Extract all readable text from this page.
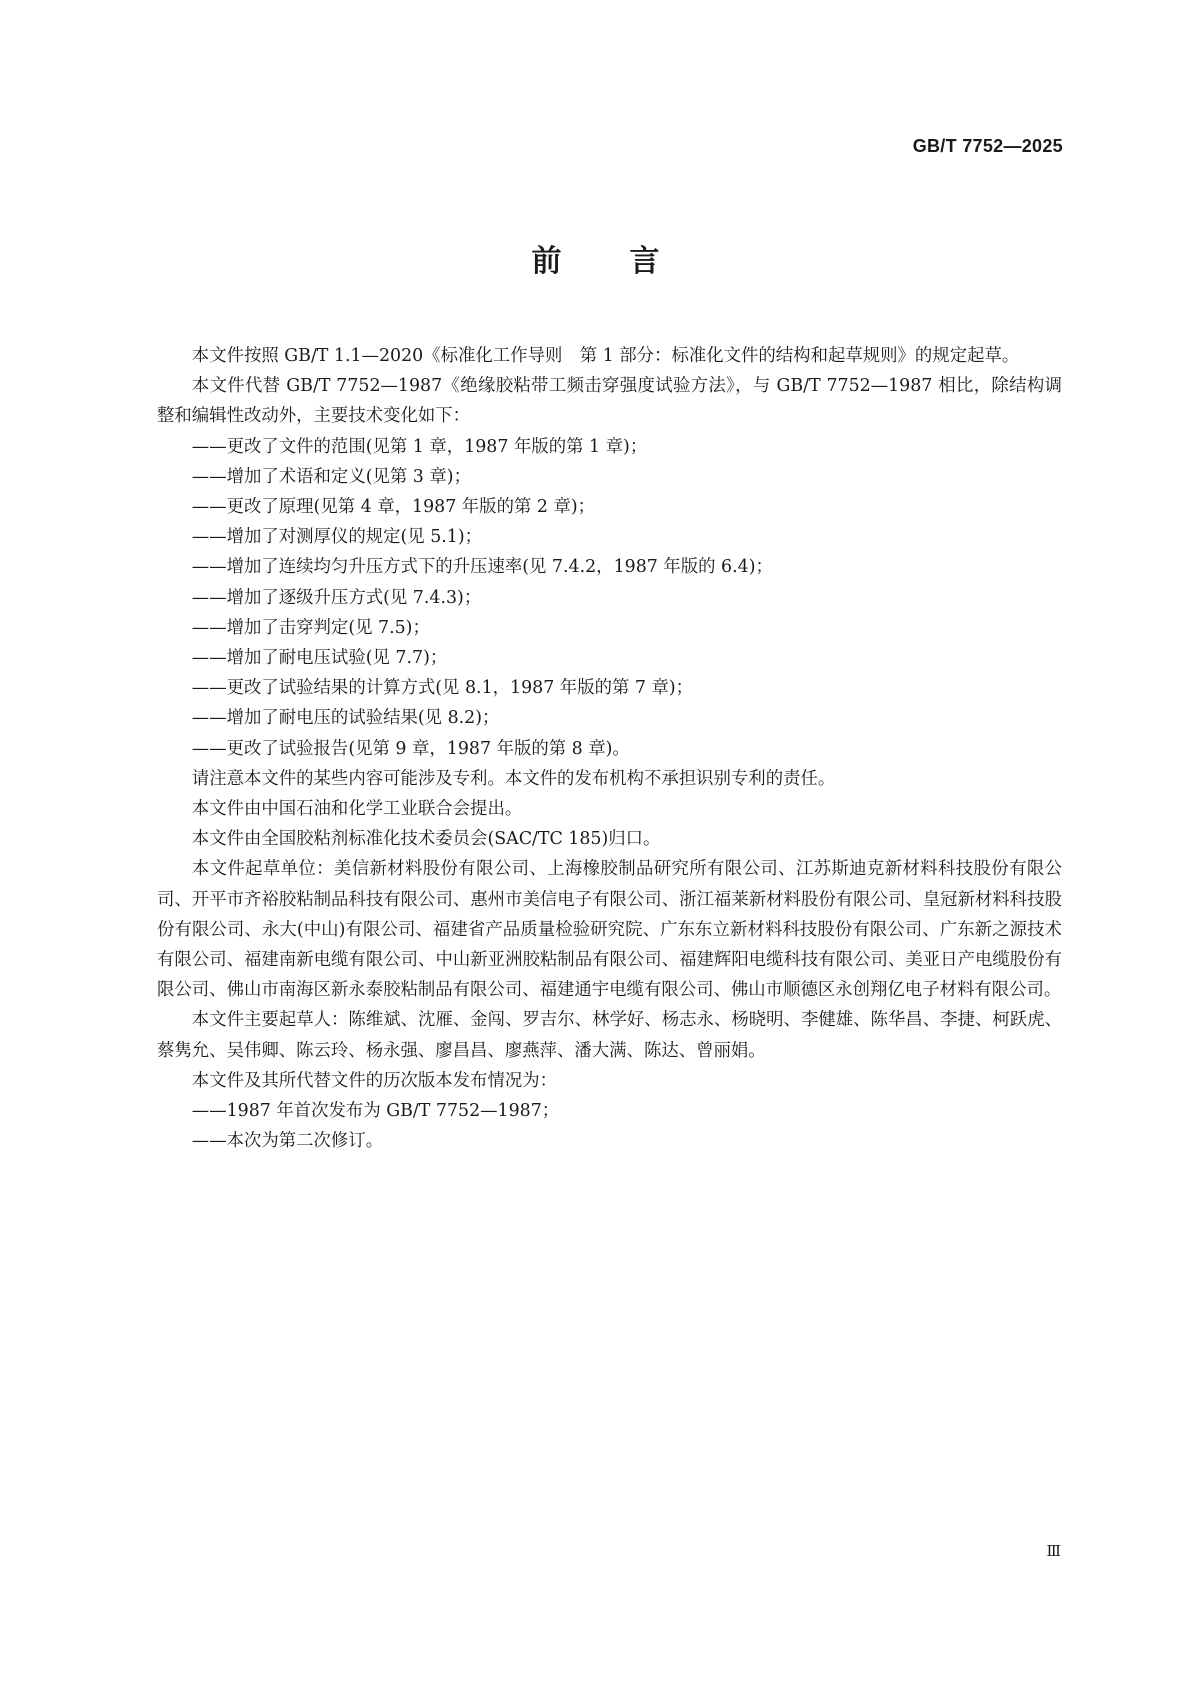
GB/T 7752—2025
前 言

本文件按照 GB/T 1.1—2020《标准化工作导则　第 1 部分：标准化文件的结构和起草规则》的规定起草。

本文件代替 GB/T 7752—1987《绝缘胶粘带工频击穿强度试验方法》，与 GB/T 7752—1987 相比，除结构调整和编辑性改动外，主要技术变化如下：

——更改了文件的范围(见第 1 章，1987 年版的第 1 章)；

——增加了术语和定义(见第 3 章)；

——更改了原理(见第 4 章，1987 年版的第 2 章)；

——增加了对测厚仪的规定(见 5.1)；

——增加了连续均匀升压方式下的升压速率(见 7.4.2，1987 年版的 6.4)；

——增加了逐级升压方式(见 7.4.3)；

——增加了击穿判定(见 7.5)；

——增加了耐电压试验(见 7.7)；

——更改了试验结果的计算方式(见 8.1，1987 年版的第 7 章)；

——增加了耐电压的试验结果(见 8.2)；

——更改了试验报告(见第 9 章，1987 年版的第 8 章)。

请注意本文件的某些内容可能涉及专利。本文件的发布机构不承担识别专利的责任。

本文件由中国石油和化学工业联合会提出。

本文件由全国胶粘剂标准化技术委员会(SAC/TC 185)归口。

本文件起草单位：美信新材料股份有限公司、上海橡胶制品研究所有限公司、江苏斯迪克新材料科技股份有限公司、开平市齐裕胶粘制品科技有限公司、惠州市美信电子有限公司、浙江福莱新材料股份有限公司、皇冠新材料科技股份有限公司、永大(中山)有限公司、福建省产品质量检验研究院、广东东立新材料科技股份有限公司、广东新之源技术有限公司、福建南新电缆有限公司、中山新亚洲胶粘制品有限公司、福建辉阳电缆科技有限公司、美亚日产电缆股份有限公司、佛山市南海区新永泰胶粘制品有限公司、福建通宇电缆有限公司、佛山市顺德区永创翔亿电子材料有限公司。

本文件主要起草人：陈维斌、沈雁、金闯、罗吉尔、林学好、杨志永、杨晓明、李健雄、陈华昌、李捷、柯跃虎、蔡隽允、吴伟卿、陈云玲、杨永强、廖昌昌、廖燕萍、潘大满、陈达、曾丽娟。

本文件及其所代替文件的历次版本发布情况为：

——1987 年首次发布为 GB/T 7752—1987；

——本次为第二次修订。

Ⅲ
